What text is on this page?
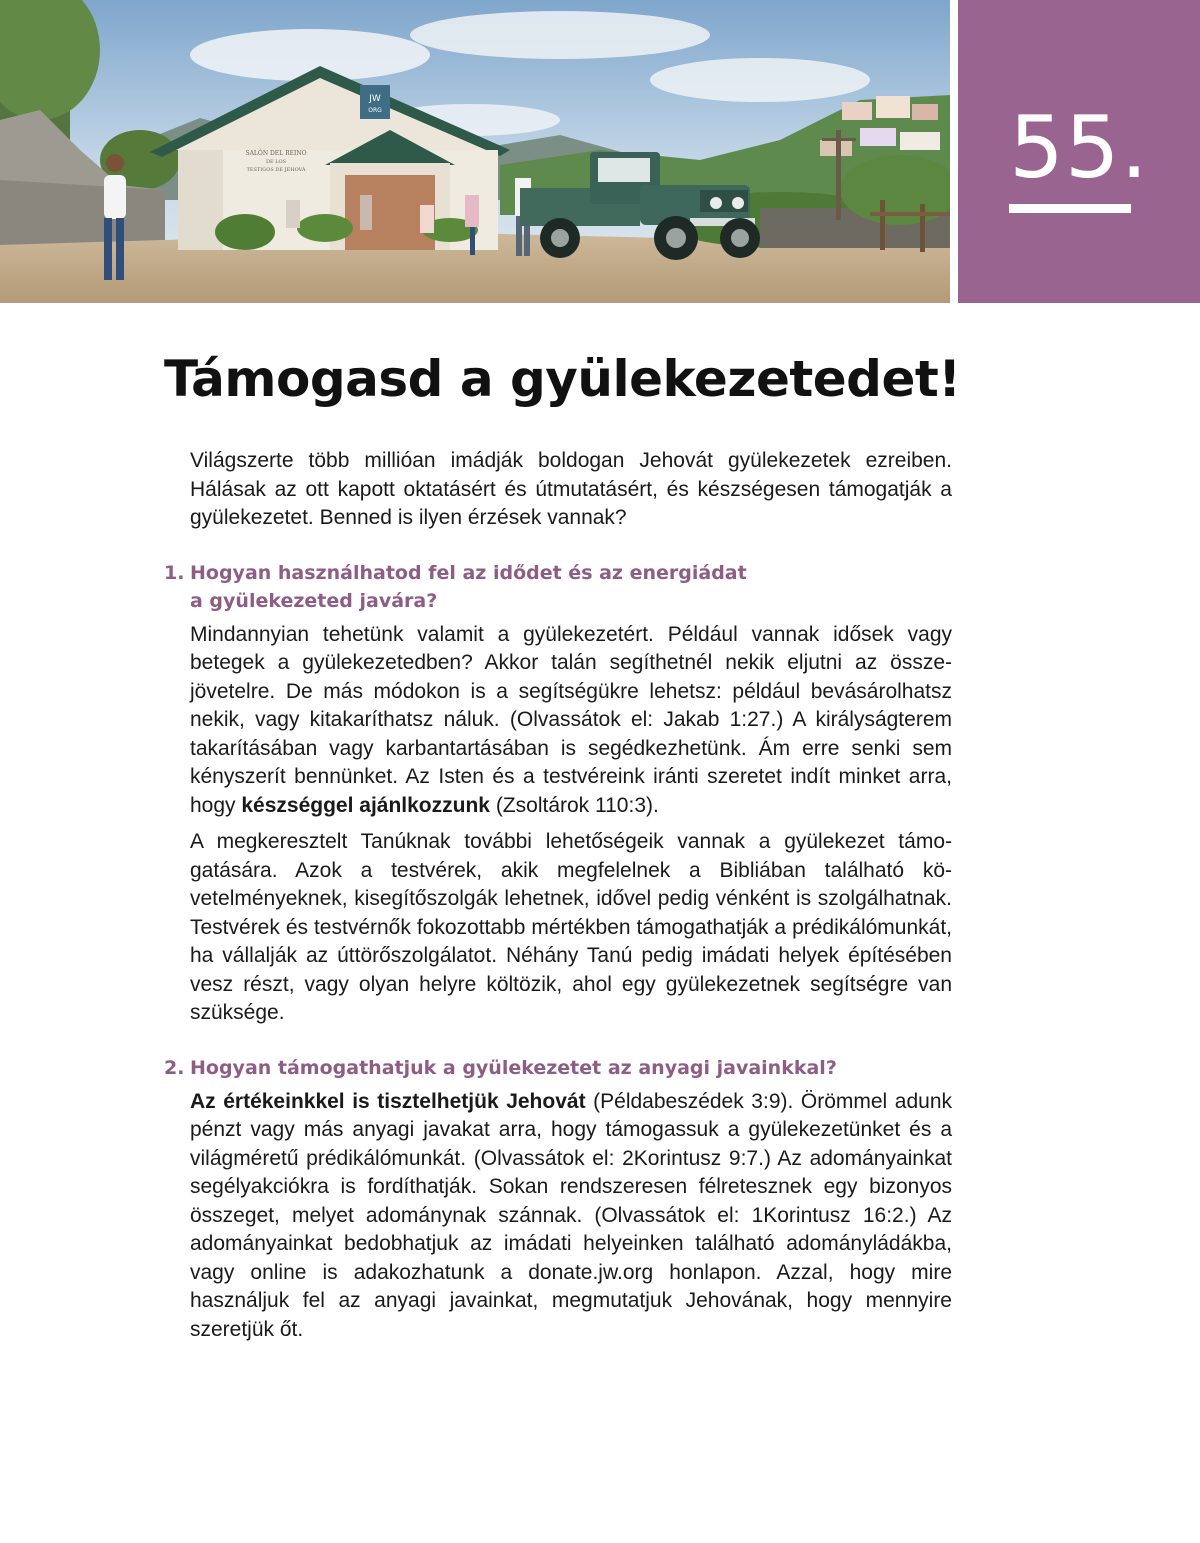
JW
ORG
SALÓN DEL REINO
DE LOS
TESTIGOS DE JEHOVÁ	55.
Támogasd a gyülekezetedet!

Világszerte több millióan imádják boldogan Jehovát gyülekezetek ezreiben. Hálásak az ott kapott oktatásért és útmutatásért, és készségesen támogatják a gyülekezetet. Benned is ilyen érzések vannak?

1. Hogyan használhatod fel az idődet és az energiádat
a gyülekezeted javára?

Mindannyian tehetünk valamit a gyülekezetért. Például vannak idősek vagy betegek a gyülekezetedben? Akkor talán segíthetnél nekik eljutni az összejövetelre. De más módokon is a segítségükre lehetsz: például bevásárolhatsz nekik, vagy kitakaríthatsz náluk. (Olvassátok el: Jakab 1:27.) A királyságterem takarításában vagy karbantartásában is segédkezhetünk. Ám erre senki sem kényszerít bennünket. Az Isten és a testvéreink iránti szeretet indít minket arra, hogy készséggel ajánlkozzunk (Zsoltárok 110:3).

A megkeresztelt Tanúknak további lehetőségeik vannak a gyülekezet támogatására. Azok a testvérek, akik megfelelnek a Bibliában található követelményeknek, kisegítőszolgák lehetnek, idővel pedig vénként is szolgálhatnak. Testvérek és testvérnők fokozottabb mértékben támogathatják a prédikálómunkát, ha vállalják az úttörőszolgálatot. Néhány Tanú pedig imádati helyek építésében vesz részt, vagy olyan helyre költözik, ahol egy gyülekezetnek segítségre van szüksége.

2. Hogyan támogathatjuk a gyülekezetet az anyagi javainkkal?

Az értékeinkkel is tisztelhetjük Jehovát (Példabeszédek 3:9). Örömmel adunk pénzt vagy más anyagi javakat arra, hogy támogassuk a gyülekezetünket és a világméretű prédikálómunkát. (Olvassátok el: 2Korintusz 9:7.) Az adományainkat segélyakciókra is fordíthatják. Sokan rendszeresen félretesznek egy bizonyos összeget, melyet adománynak szánnak. (Olvassátok el: 1Korintusz 16:2.) Az adományainkat bedobhatjuk az imádati helyeinken található adományládákba, vagy online is adakozhatunk a donate.jw.org honlapon. Azzal, hogy mire használjuk fel az anyagi javainkat, megmutatjuk Jehovának, hogy mennyire szeretjük őt.
